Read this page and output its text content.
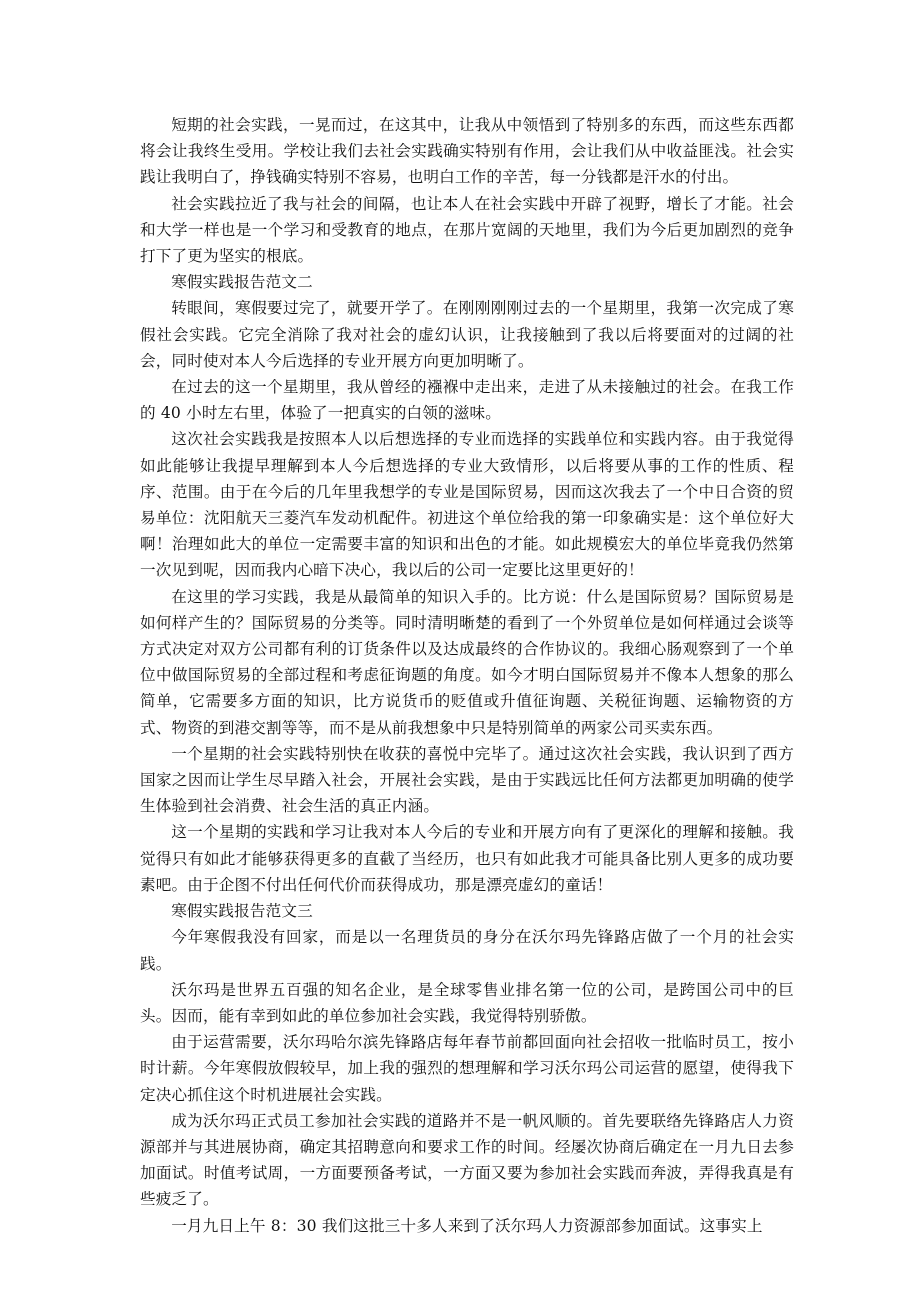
短期的社会实践，一晃而过，在这其中，让我从中领悟到了特别多的东西，而这些东西都将会让我终生受用。学校让我们去社会实践确实特别有作用，会让我们从中收益匪浅。社会实践让我明白了，挣钱确实特别不容易，也明白工作的辛苦，每一分钱都是汗水的付出。

社会实践拉近了我与社会的间隔，也让本人在社会实践中开辟了视野，增长了才能。社会和大学一样也是一个学习和受教育的地点，在那片宽阔的天地里，我们为今后更加剧烈的竞争打下了更为坚实的根底。

寒假实践报告范文二

转眼间，寒假要过完了，就要开学了。在刚刚刚刚过去的一个星期里，我第一次完成了寒假社会实践。它完全消除了我对社会的虚幻认识，让我接触到了我以后将要面对的过阔的社会，同时使对本人今后选择的专业开展方向更加明晰了。

在过去的这一个星期里，我从曾经的襁褓中走出来，走进了从未接触过的社会。在我工作的 40 小时左右里，体验了一把真实的白领的滋味。

这次社会实践我是按照本人以后想选择的专业而选择的实践单位和实践内容。由于我觉得如此能够让我提早理解到本人今后想选择的专业大致情形，以后将要从事的工作的性质、程序、范围。由于在今后的几年里我想学的专业是国际贸易，因而这次我去了一个中日合资的贸易单位：沈阳航天三菱汽车发动机配件。初进这个单位给我的第一印象确实是：这个单位好大啊！治理如此大的单位一定需要丰富的知识和出色的才能。如此规模宏大的单位毕竟我仍然第一次见到呢，因而我内心暗下决心，我以后的公司一定要比这里更好的！

在这里的学习实践，我是从最简单的知识入手的。比方说：什么是国际贸易？国际贸易是如何样产生的？国际贸易的分类等。同时清明晰楚的看到了一个外贸单位是如何样通过会谈等方式决定对双方公司都有利的订货条件以及达成最终的合作协议的。我细心肠观察到了一个单位中做国际贸易的全部过程和考虑征询题的角度。如今才明白国际贸易并不像本人想象的那么简单，它需要多方面的知识，比方说货币的贬值或升值征询题、关税征询题、运输物资的方式、物资的到港交割等等，而不是从前我想象中只是特别简单的两家公司买卖东西。

一个星期的社会实践特别快在收获的喜悦中完毕了。通过这次社会实践，我认识到了西方国家之因而让学生尽早踏入社会，开展社会实践，是由于实践远比任何方法都更加明确的使学生体验到社会消费、社会生活的真正内涵。

这一个星期的实践和学习让我对本人今后的专业和开展方向有了更深化的理解和接触。我觉得只有如此才能够获得更多的直截了当经历，也只有如此我才可能具备比别人更多的成功要素吧。由于企图不付出任何代价而获得成功，那是漂亮虚幻的童话！

寒假实践报告范文三

今年寒假我没有回家，而是以一名理货员的身分在沃尔玛先锋路店做了一个月的社会实践。

沃尔玛是世界五百强的知名企业，是全球零售业排名第一位的公司，是跨国公司中的巨头。因而，能有幸到如此的单位参加社会实践，我觉得特别骄傲。

由于运营需要，沃尔玛哈尔滨先锋路店每年春节前都回面向社会招收一批临时员工，按小时计薪。今年寒假放假较早，加上我的强烈的想理解和学习沃尔玛公司运营的愿望，使得我下定决心抓住这个时机进展社会实践。

成为沃尔玛正式员工参加社会实践的道路并不是一帆风顺的。首先要联络先锋路店人力资源部并与其进展协商，确定其招聘意向和要求工作的时间。经屡次协商后确定在一月九日去参加面试。时值考试周，一方面要预备考试，一方面又要为参加社会实践而奔波，弄得我真是有些疲乏了。

一月九日上午 8：30 我们这批三十多人来到了沃尔玛人力资源部参加面试。这事实上
